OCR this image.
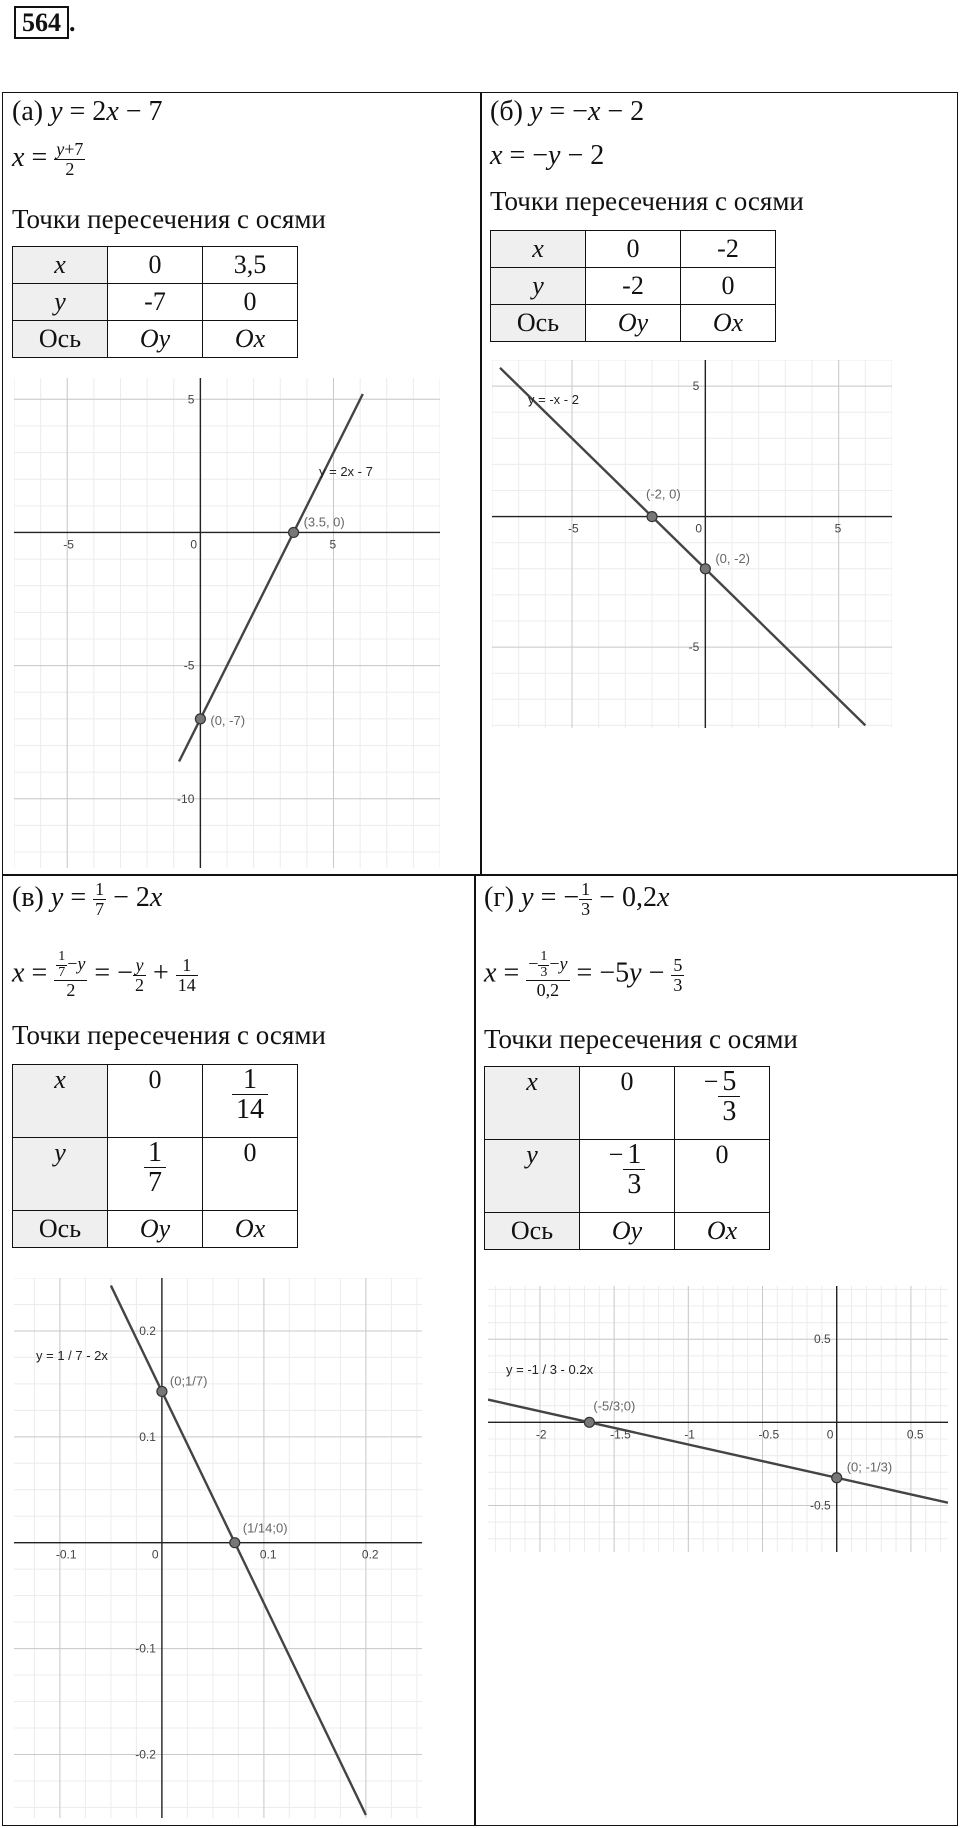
564 .
(а) y = 2x − 7
$x = \frac{y+7}{2}$
Точки пересечения с осями
x	0	3,5
y	-7	0
Ось	Oy	Ox
-5	0	5
5
-5
-10
y = 2x - 7
(3.5, 0)
(0, -7)
(б) y = −x − 2
x = −y − 2
Точки пересечения с осями
x	0	-2
y	-2	0
Ось	Oy	Ox
-5	0	5
5
-5
y = -x - 2
(-2, 0)
(0, -2)
(в) $y = \frac{1}{7} - 2x$
$x = \frac{\frac{1}{7} -y}{2}$ = − $\frac{y}{2} + \frac{1}{14}$
Точки пересечения с осями
x	0	$\frac{1}{14}$

y	$\frac{1}{7}$	0
Ось	Oy	Ox
-0.1	0	0.1	0.2
0.2
0.1
-0.1
-0.2
y = 1 / 7 - 2x
(0;1/7)
(1/14;0)
(г) y = − $\frac{1}{3} - 0,2x$
$x = \frac{- \frac{1}{3} -y}{0,2} = -5y - \frac{5}{3}$
Точки пересечения с осями
x	0	− $\frac{5}{3}$

y	− $\frac{1}{3}$	0
Ось	Oy	Ox
-2	-1.5	-1	-0.5	0	0.5
0.5
-0.5
y = -1 / 3 - 0.2x
(-5/3;0)
(0; -1/3)
